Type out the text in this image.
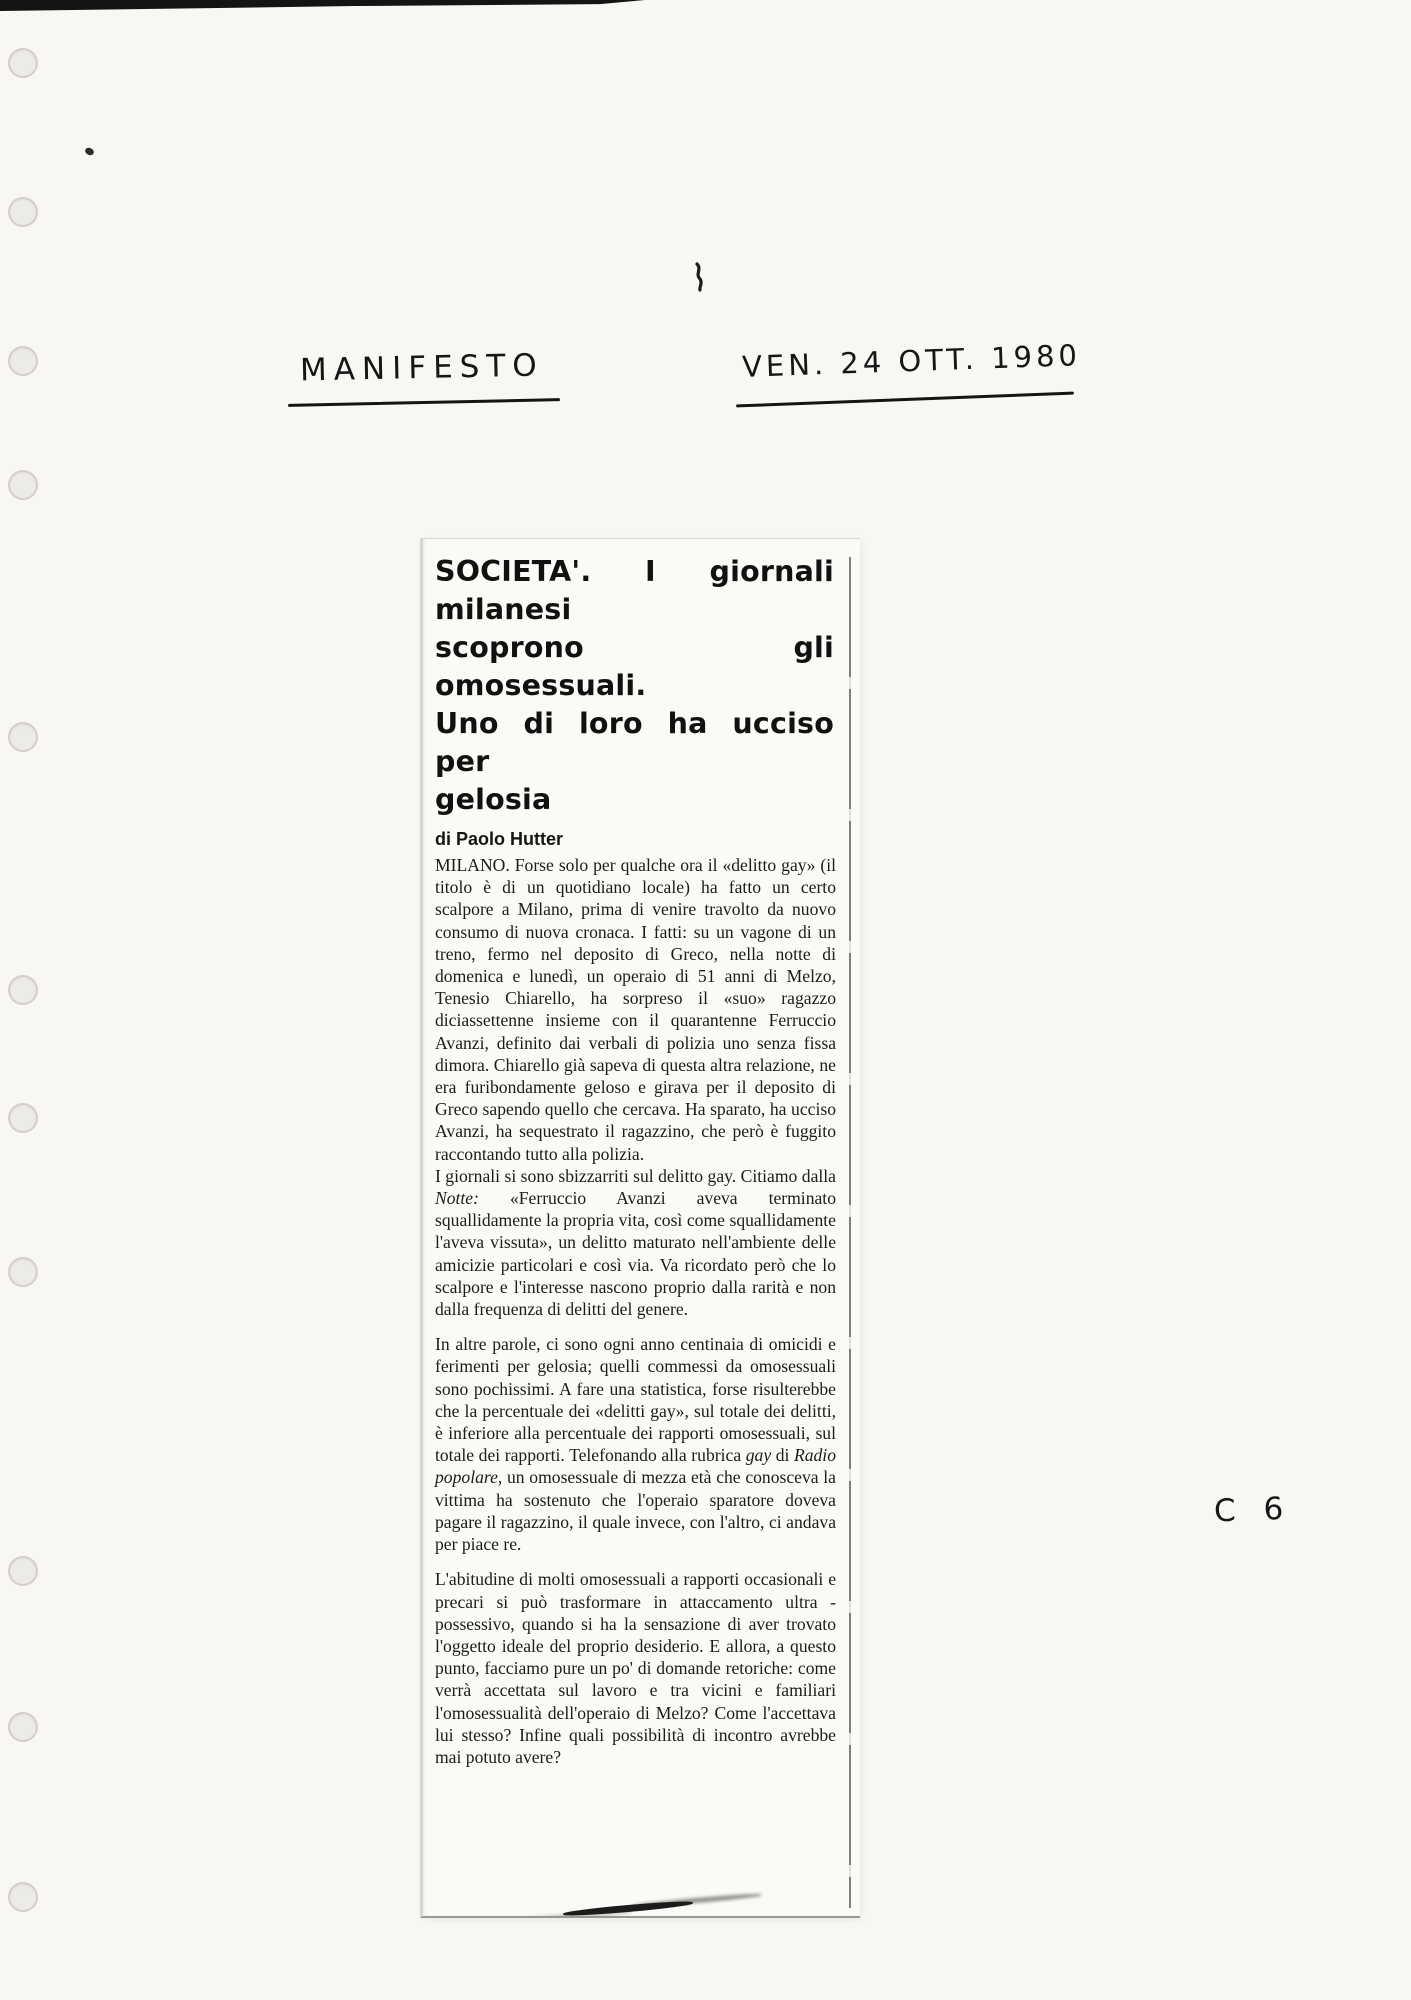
MANIFESTO	VEN. 24 OTT. 1980
C 6
SOCIETA'. I giornali milanesi
scoprono gli omosessuali.
Uno di loro ha ucciso per
gelosia
di Paolo Hutter
MILANO. Forse solo per qualche ora il «delitto gay» (il titolo è di un quotidiano locale) ha fatto un certo scalpore a Milano, prima di venire travolto da nuovo consumo di nuova cronaca. I fatti: su un vagone di un treno, fermo nel deposito di Greco, nella notte di domenica e lunedì, un operaio di 51 anni di Melzo, Tenesio Chiarello, ha sorpreso il «suo» ragazzo diciassettenne insieme con il quarantenne Ferruccio Avanzi, definito dai verbali di polizia uno senza fissa dimora. Chiarello già sapeva di questa altra relazione, ne era furibondamente geloso e girava per il deposito di Greco sapendo quello che cercava. Ha sparato, ha ucciso Avanzi, ha sequestrato il ragazzino, che però è fuggito raccontando tutto alla polizia.
I giornali si sono sbizzarriti sul delitto gay. Citiamo dalla Notte: «Ferruccio Avanzi aveva terminato squallidamente la propria vita, così come squallidamente l'aveva vissuta», un delitto maturato nell'ambiente delle amicizie particolari e così via. Va ricordato però che lo scalpore e l'interesse nascono proprio dalla rarità e non dalla frequenza di delitti del genere.
In altre parole, ci sono ogni anno centinaia di omicidi e ferimenti per gelosia; quelli commessi da omosessuali sono pochissimi. A fare una statistica, forse risulterebbe che la percentuale dei «delitti gay», sul totale dei delitti, è inferiore alla percentuale dei rapporti omosessuali, sul totale dei rapporti. Telefonando alla rubrica gay di Radio popolare, un omosessuale di mezza età che conosceva la vittima ha sostenuto che l'operaio sparatore doveva pagare il ragazzino, il quale invece, con l'altro, ci andava per piace re.
L'abitudine di molti omosessuali a rapporti occasionali e precari si può trasformare in attaccamento ultra - possessivo, quando si ha la sensazione di aver trovato l'oggetto ideale del proprio desiderio. E allora, a questo punto, facciamo pure un po' di domande retoriche: come verrà accettata sul lavoro e tra vicini e familiari l'omosessualità dell'operaio di Melzo? Come l'accettava lui stesso? Infine quali possibilità di incontro avrebbe mai potuto avere?
